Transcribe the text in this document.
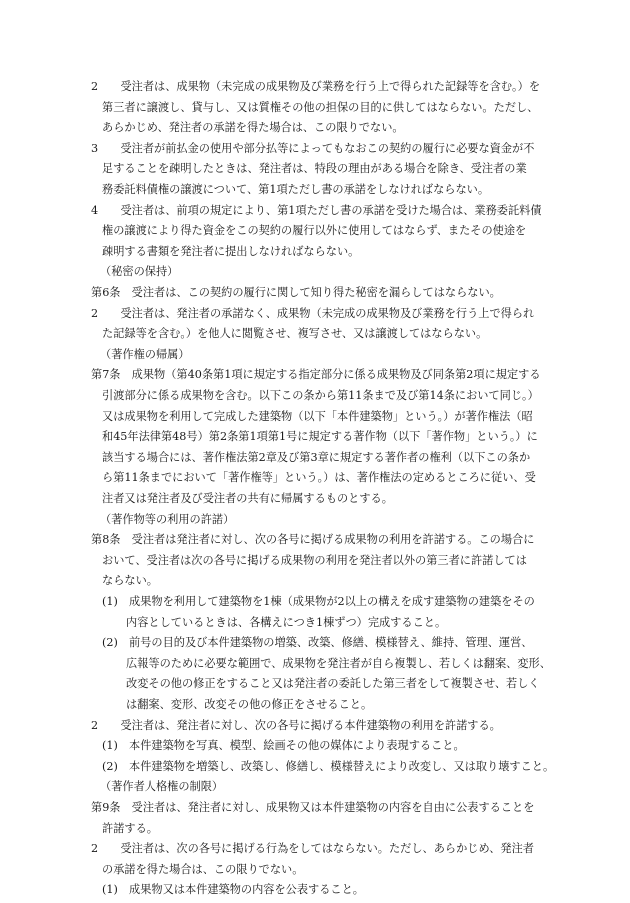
2　　受注者は、成果物（未完成の成果物及び業務を行う上で得られた記録等を含む。）を
第三者に譲渡し、貸与し、又は質権その他の担保の目的に供してはならない。ただし、
あらかじめ、発注者の承諾を得た場合は、この限りでない。
3　　受注者が前払金の使用や部分払等によってもなおこの契約の履行に必要な資金が不
足することを疎明したときは、発注者は、特段の理由がある場合を除き、受注者の業
務委託料債権の譲渡について、第1項ただし書の承諾をしなければならない。
4　　受注者は、前項の規定により、第1項ただし書の承諾を受けた場合は、業務委託料債
権の譲渡により得た資金をこの契約の履行以外に使用してはならず、またその使途を
疎明する書類を発注者に提出しなければならない。
（秘密の保持）
第6条　受注者は、この契約の履行に関して知り得た秘密を漏らしてはならない。
2　　受注者は、発注者の承諾なく、成果物（未完成の成果物及び業務を行う上で得られ
た記録等を含む。）を他人に閲覧させ、複写させ、又は譲渡してはならない。
（著作権の帰属）
第7条　成果物（第40条第1項に規定する指定部分に係る成果物及び同条第2項に規定する
引渡部分に係る成果物を含む。以下この条から第11条まで及び第14条において同じ。）
又は成果物を利用して完成した建築物（以下「本件建築物」という。）が著作権法（昭
和45年法律第48号）第2条第1項第1号に規定する著作物（以下「著作物」という。）に
該当する場合には、著作権法第2章及び第3章に規定する著作者の権利（以下この条か
ら第11条までにおいて「著作権等」という。）は、著作権法の定めるところに従い、受
注者又は発注者及び受注者の共有に帰属するものとする。
（著作物等の利用の許諾）
第8条　受注者は発注者に対し、次の各号に掲げる成果物の利用を許諾する。この場合に
おいて、受注者は次の各号に掲げる成果物の利用を発注者以外の第三者に許諾しては
ならない。
(1)　成果物を利用して建築物を1棟（成果物が2以上の構えを成す建築物の建築をその
内容としているときは、各構えにつき1棟ずつ）完成すること。
(2)　前号の目的及び本件建築物の増築、改築、修繕、模様替え、維持、管理、運営、
広報等のために必要な範囲で、成果物を発注者が自ら複製し、若しくは翻案、変形、
改変その他の修正をすること又は発注者の委託した第三者をして複製させ、若しく
は翻案、変形、改変その他の修正をさせること。
2　　受注者は、発注者に対し、次の各号に掲げる本件建築物の利用を許諾する。
(1)　本件建築物を写真、模型、絵画その他の媒体により表現すること。
(2)　本件建築物を増築し、改築し、修繕し、模様替えにより改変し、又は取り壊すこと。
（著作者人格権の制限）
第9条　受注者は、発注者に対し、成果物又は本件建築物の内容を自由に公表することを
許諾する。
2　　受注者は、次の各号に掲げる行為をしてはならない。ただし、あらかじめ、発注者
の承諾を得た場合は、この限りでない。
(1)　成果物又は本件建築物の内容を公表すること。
